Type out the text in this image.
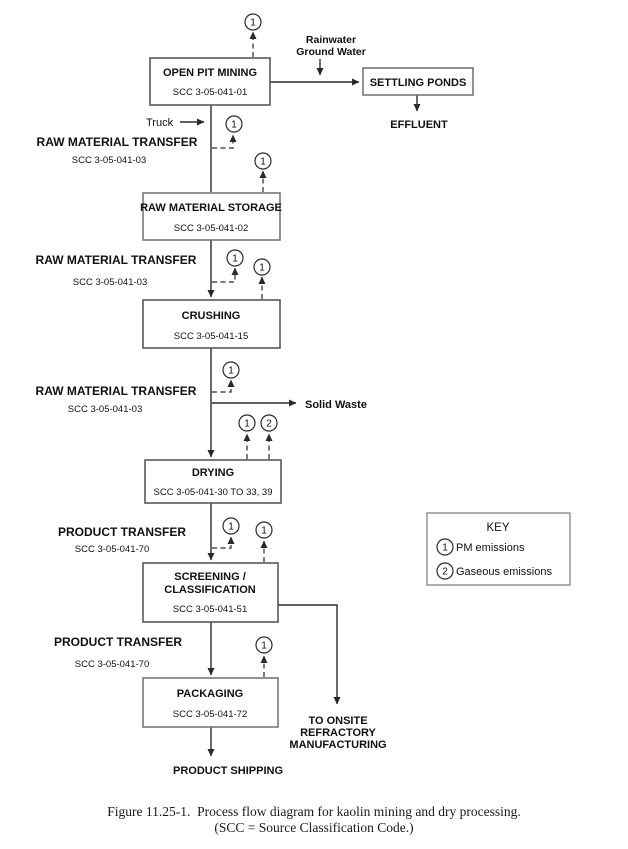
1
1
1
1
1
1
1 2
1	1
1
OPEN PIT MINING
SCC 3-05-041-01
SETTLING PONDS
RAW MATERIAL STORAGE
SCC 3-05-041-02
CRUSHING
SCC 3-05-041-15
DRYING
SCC 3-05-041-30 TO 33, 39
SCREENING /
CLASSIFICATION
SCC 3-05-041-51
PACKAGING
SCC 3-05-041-72
RAW MATERIAL TRANSFER
SCC 3-05-041-03
RAW MATERIAL TRANSFER
SCC 3-05-041-03
RAW MATERIAL TRANSFER
SCC 3-05-041-03
PRODUCT TRANSFER
SCC 3-05-041-70
PRODUCT TRANSFER
SCC 3-05-041-70
Truck
Rainwater
Ground Water
EFFLUENT
Solid Waste
TO ONSITE
REFRACTORY
MANUFACTURING
PRODUCT SHIPPING
KEY
1 PM emissions
2 Gaseous emissions
Figure 11.25-1.  Process flow diagram for kaolin mining and dry processing.
(SCC = Source Classification Code.)
